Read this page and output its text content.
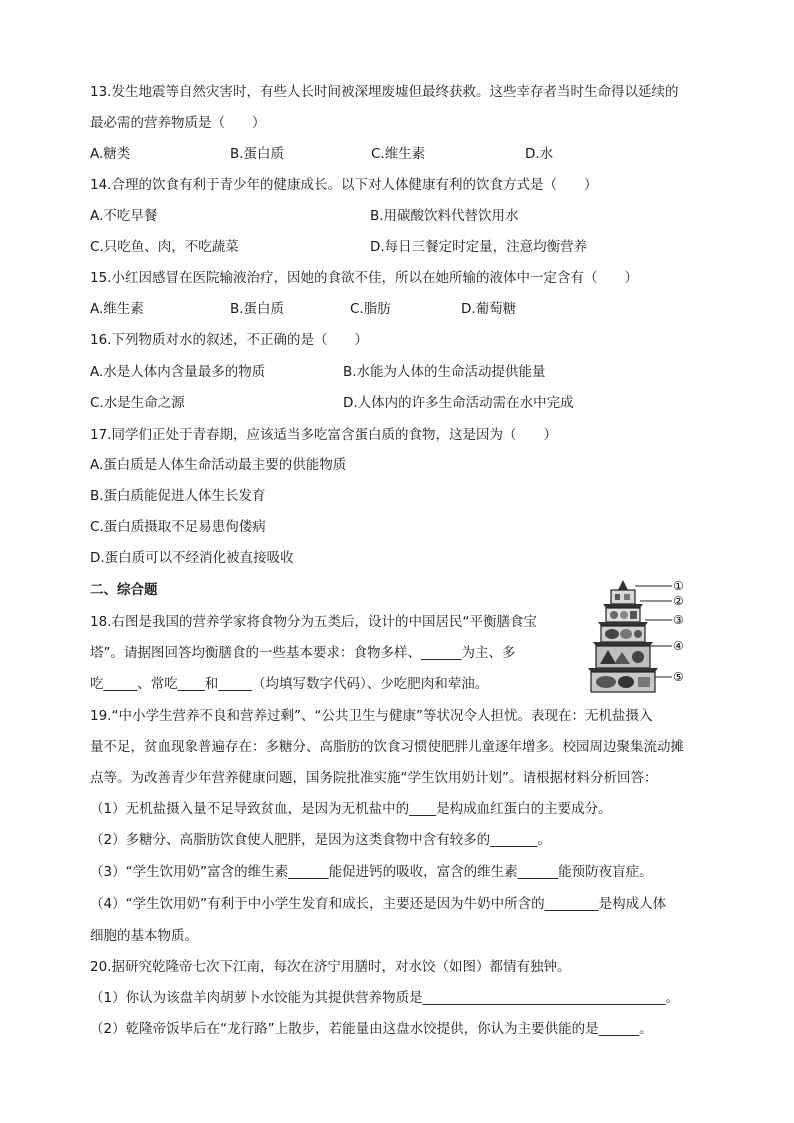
13.发生地震等自然灾害时，有些人长时间被深埋废墟但最终获救。这些幸存者当时生命得以延续的
最必需的营养物质是（　　）
A.糖类	B.蛋白质	C.维生素	D.水
14.合理的饮食有利于青少年的健康成长。以下对人体健康有利的饮食方式是（　　）
A.不吃早餐	B.用碳酸饮料代替饮用水
C.只吃鱼、肉，不吃蔬菜	D.每日三餐定时定量，注意均衡营养
15.小红因感冒在医院输液治疗，因她的食欲不佳，所以在她所输的液体中一定含有（　　）
A.维生素	B.蛋白质	C.脂肪	D.葡萄糖
16.下列物质对水的叙述，不正确的是（　　）
A.水是人体内含量最多的物质	B.水能为人体的生命活动提供能量
C.水是生命之源	D.人体内的许多生命活动需在水中完成
17.同学们正处于青春期，应该适当多吃富含蛋白质的食物，这是因为（　　）
A.蛋白质是人体生命活动最主要的供能物质
B.蛋白质能促进人体生长发育
C.蛋白质摄取不足易患佝偻病
D.蛋白质可以不经消化被直接吸收
二、综合题
18.右图是我国的营养学家将食物分为五类后，设计的中国居民“平衡膳食宝
塔”。请据图回答均衡膳食的一些基本要求：食物多样、______为主、多
吃_____、常吃____和_____（均填写数字代码）、少吃肥肉和荤油。
①
②
③
④
⑤
19.“中小学生营养不良和营养过剩”、“公共卫生与健康”等状况令人担忧。表现在：无机盐摄入
量不足，贫血现象普遍存在：多糖分、高脂肪的饮食习惯使肥胖儿童逐年增多。校园周边聚集流动摊
点等。为改善青少年营养健康问题，国务院批准实施“学生饮用奶计划”。请根据材料分析回答：
（1）无机盐摄入量不足导致贫血，是因为无机盐中的____是构成血红蛋白的主要成分。
（2）多糖分、高脂肪饮食使人肥胖，是因为这类食物中含有较多的_______。
（3）“学生饮用奶”富含的维生素______能促进钙的吸收，富含的维生素______能预防夜盲症。
（4）“学生饮用奶”有利于中小学生发育和成长，主要还是因为牛奶中所含的________是构成人体
细胞的基本物质。
20.据研究乾隆帝七次下江南，每次在济宁用膳时，对水饺（如图）都情有独钟。
（1）你认为该盘羊肉胡萝卜水饺能为其提供营养物质是____________________________________。
（2）乾隆帝饭毕后在“龙行路”上散步，若能量由这盘水饺提供，你认为主要供能的是______。
